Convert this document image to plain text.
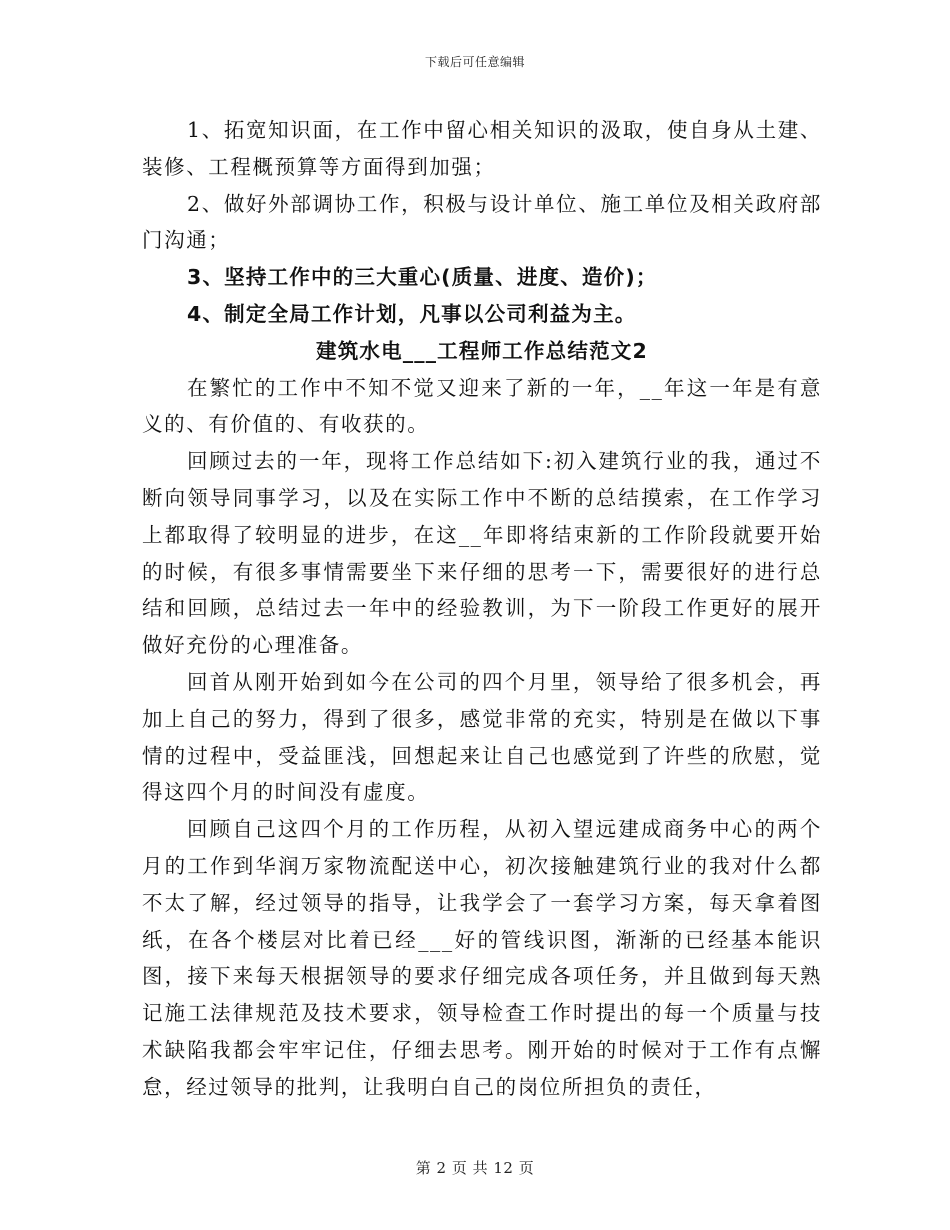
下载后可任意编辑

1、拓宽知识面，在工作中留心相关知识的汲取，使自身从土建、装修、工程概预算等方面得到加强；

2、做好外部调协工作，积极与设计单位、施工单位及相关政府部门沟通；

3、坚持工作中的三大重心(质量、进度、造价)；

4、制定全局工作计划，凡事以公司利益为主。

建筑水电___工程师工作总结范文2

在繁忙的工作中不知不觉又迎来了新的一年，__年这一年是有意义的、有价值的、有收获的。

回顾过去的一年，现将工作总结如下:初入建筑行业的我，通过不断向领导同事学习，以及在实际工作中不断的总结摸索，在工作学习上都取得了较明显的进步，在这__年即将结束新的工作阶段就要开始的时候，有很多事情需要坐下来仔细的思考一下，需要很好的进行总结和回顾，总结过去一年中的经验教训，为下一阶段工作更好的展开做好充份的心理准备。

回首从刚开始到如今在公司的四个月里，领导给了很多机会，再加上自己的努力，得到了很多，感觉非常的充实，特别是在做以下事情的过程中，受益匪浅，回想起来让自己也感觉到了许些的欣慰，觉得这四个月的时间没有虚度。

回顾自己这四个月的工作历程，从初入望远建成商务中心的两个月的工作到华润万家物流配送中心，初次接触建筑行业的我对什么都不太了解，经过领导的指导，让我学会了一套学习方案，每天拿着图纸，在各个楼层对比着已经___好的管线识图，渐渐的已经基本能识图，接下来每天根据领导的要求仔细完成各项任务，并且做到每天熟记施工法律规范及技术要求，领导检查工作时提出的每一个质量与技术缺陷我都会牢牢记住，仔细去思考。刚开始的时候对于工作有点懈怠，经过领导的批判，让我明白自己的岗位所担负的责任，

第 2 页 共 12 页
